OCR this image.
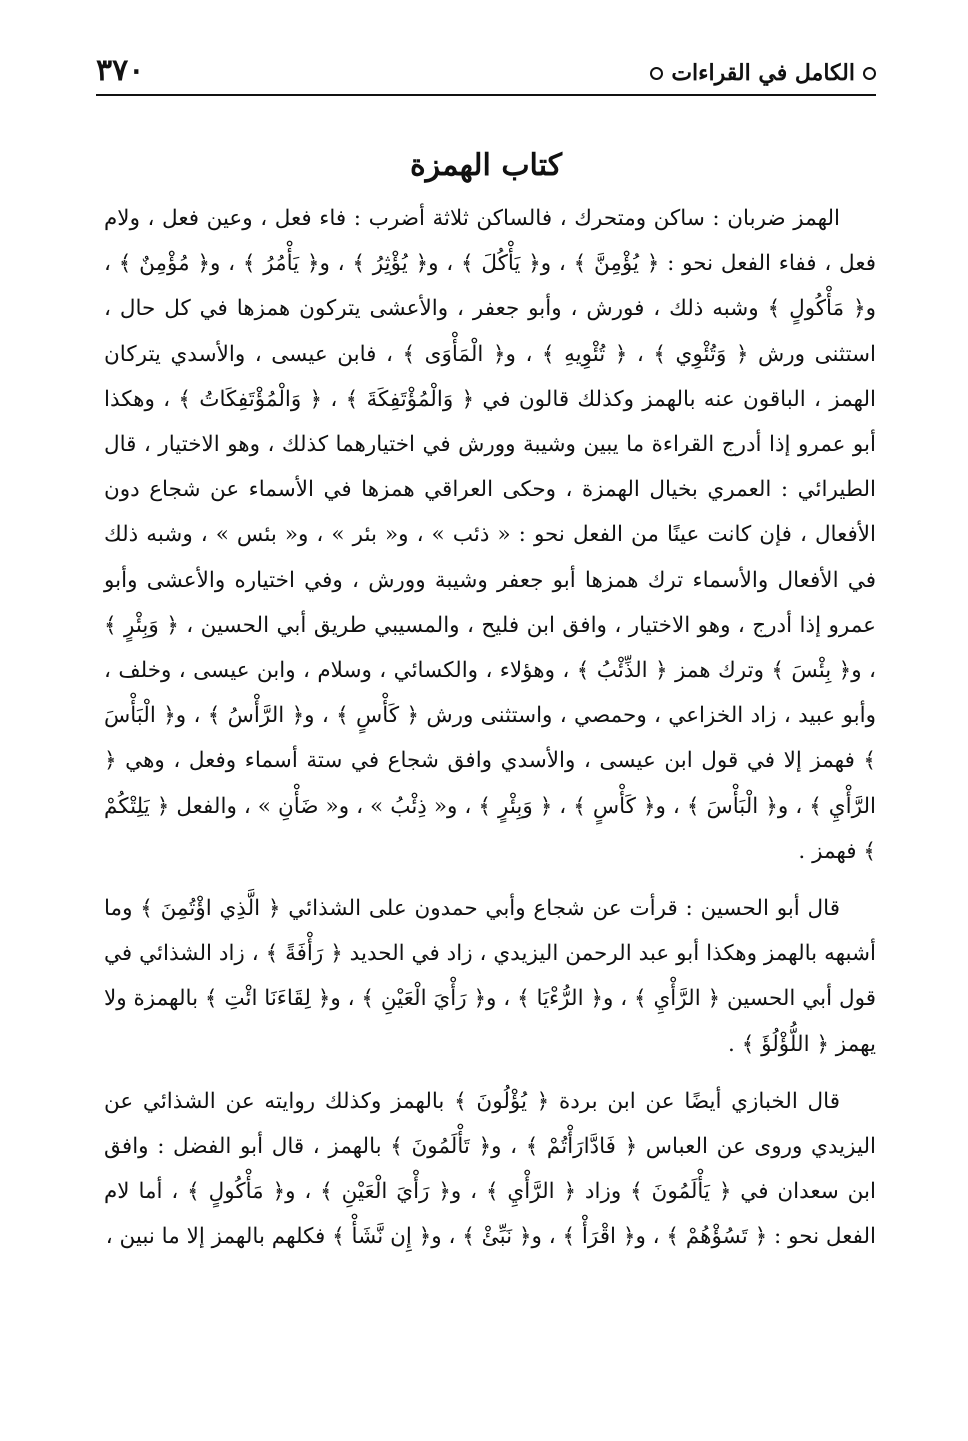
الكامل في القراءات
٣٧٠
كتاب الهمزة

الهمز ضربان : ساكن ومتحرك ، فالساكن ثلاثة أضرب : فاء فعل ، وعين فعل ، ولام فعل ، ففاء الفعل نحو : ﴿ يُؤْمِنَّ ﴾ ، و﴿ يَأْكُلَ ﴾ ، و﴿ يُؤْثِرُ ﴾ ، و﴿ يَأْمُرُ ﴾ ، و﴿ مُؤْمِنٌ ﴾ ، و﴿ مَأْكُولٍ ﴾ وشبه ذلك ، فورش ، وأبو جعفر ، والأعشى يتركون همزها في كل حال ، استثنى ورش ﴿ وَتُئْوِي ﴾ ، ﴿ تُئْوِيهِ ﴾ ، و﴿ الْمَأْوَى ﴾ ، فابن عيسى ، والأسدي يتركان الهمز ، الباقون عنه بالهمز وكذلك قالون في ﴿ وَالْمُؤْتَفِكَةَ ﴾ ، ﴿ وَالْمُؤْتَفِكَاتُ ﴾ ، وهكذا أبو عمرو إذا أدرج القراءة ما يبين وشيبة وورش في اختيارهما كذلك ، وهو الاختيار ، قال الطيرائي : العمري بخيال الهمزة ، وحكى العراقي همزها في الأسماء عن شجاع دون الأفعال ، فإن كانت عينًا من الفعل نحو : « ذئب » ، و« بئر » ، و« بئس » ، وشبه ذلك في الأفعال والأسماء ترك همزها أبو جعفر وشيبة وورش ، وفي اختياره والأعشى وأبو عمرو إذا أدرج ، وهو الاختيار ، وافق ابن فليح ، والمسيبي طريق أبي الحسين ، ﴿ وَبِئْرٍ ﴾ ، و﴿ بِئْسَ ﴾ وترك همز ﴿ الذِّئْبُ ﴾ ، وهؤلاء ، والكسائي ، وسلام ، وابن عيسى ، وخلف ، وأبو عبيد ، زاد الخزاعي ، وحمصي ، واستثنى ورش ﴿ كَأْسٍ ﴾ ، و﴿ الرَّأْسُ ﴾ ، و﴿ الْبَأْسَ ﴾ فهمز إلا في قول ابن عيسى ، والأسدي وافق شجاع في ستة أسماء وفعل ، وهي ﴿ الرَّأْيِ ﴾ ، و﴿ الْبَأْسَ ﴾ ، و﴿ كَأْسٍ ﴾ ، ﴿ وَبِئْرٍ ﴾ ، و« ذِئْبُ » ، و« ضَأْنِ » ، والفعل ﴿ يَلِتْكُمْ ﴾ فهمز .

قال أبو الحسين : قرأت عن شجاع وأبي حمدون على الشذائي ﴿ الَّذِي اؤْتُمِنَ ﴾ وما أشبهه بالهمز وهكذا أبو عبد الرحمن اليزيدي ، زاد في الحديد ﴿ رَأْفَةً ﴾ ، زاد الشذائي في قول أبي الحسين ﴿ الرَّأْيِ ﴾ ، و﴿ الرُّءْيَا ﴾ ، و﴿ رَأْيَ الْعَيْنِ ﴾ ، و﴿ لِقَاءَنَا ائْتِ ﴾ بالهمزة ولا يهمز ﴿ اللُّؤْلُؤَ ﴾ .

قال الخبازي أيضًا عن ابن بردة ﴿ يُؤْلُونَ ﴾ بالهمز وكذلك روايته عن الشذائي عن اليزيدي وروى عن العباس ﴿ فَادَّارَأْتُمْ ﴾ ، و﴿ تَأْلَمُونَ ﴾ بالهمز ، قال أبو الفضل : وافق ابن سعدان في ﴿ يَأْلَمُونَ ﴾ وزاد ﴿ الرَّأْيِ ﴾ ، و﴿ رَأْيَ الْعَيْنِ ﴾ ، و﴿ مَأْكُولٍ ﴾ ، أما لام الفعل نحو : ﴿ تَسُؤْهُمْ ﴾ ، و﴿ اقْرَأْ ﴾ ، و﴿ نَبِّئْ ﴾ ، و﴿ إِن نَّشَأْ ﴾ فكلهم بالهمز إلا ما نبين ،
